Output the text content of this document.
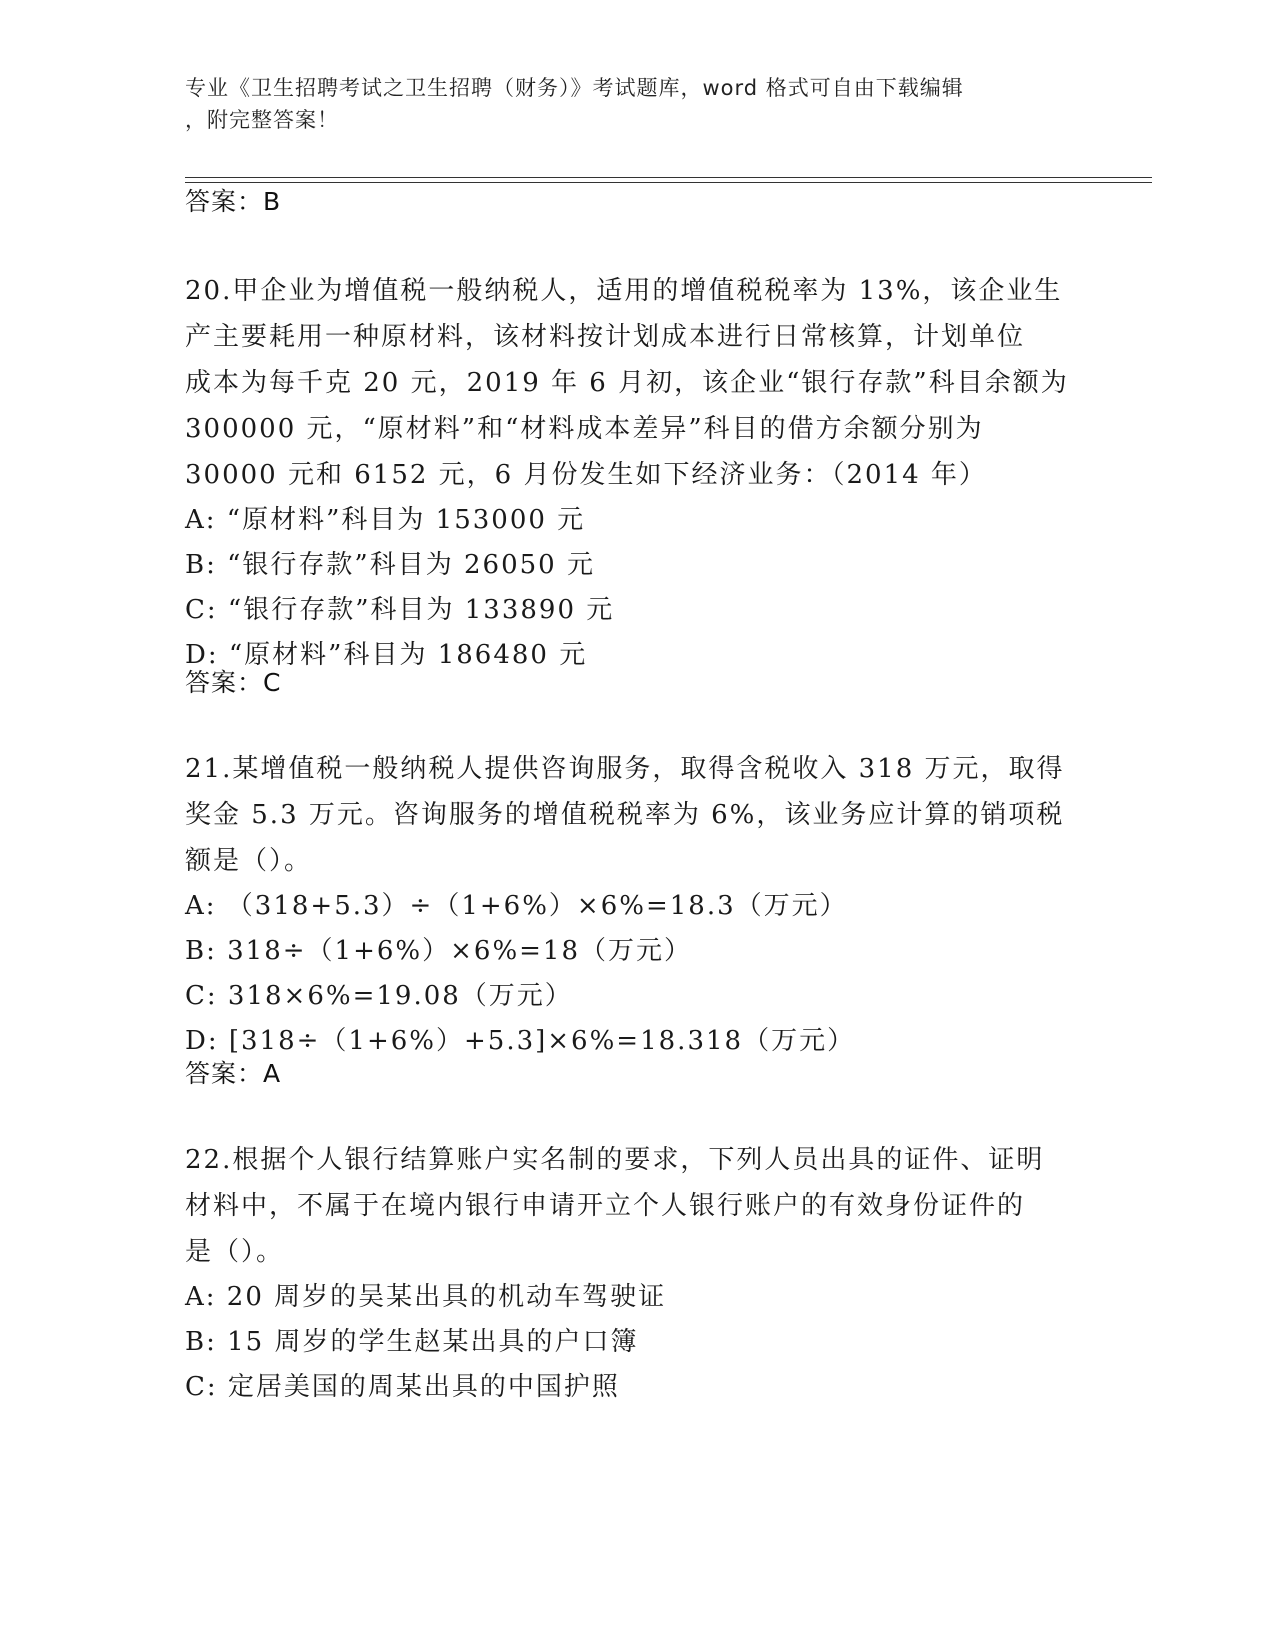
专业《卫生招聘考试之卫生招聘（财务）》考试题库，word 格式可自由下载编辑
，附完整答案！
答案：B
20.甲企业为增值税一般纳税人，适用的增值税税率为 13%，该企业生
产主要耗用一种原材料，该材料按计划成本进行日常核算，计划单位
成本为每千克 20 元，2019 年 6 月初，该企业“银行存款”科目余额为
300000 元，“原材料”和“材料成本差异”科目的借方余额分别为
30000 元和 6152 元，6 月份发生如下经济业务：（2014 年）
A: “原材料”科目为 153000 元
B: “银行存款”科目为 26050 元
C: “银行存款”科目为 133890 元
D: “原材料”科目为 186480 元
答案：C
21.某增值税一般纳税人提供咨询服务，取得含税收入 318 万元，取得
奖金 5.3 万元。咨询服务的增值税税率为 6%，该业务应计算的销项税
额是（）。
A: （318+5.3）÷（1+6%）×6%=18.3（万元）
B: 318÷（1+6%）×6%=18（万元）
C: 318×6%=19.08（万元）
D: [318÷（1+6%）+5.3]×6%=18.318（万元）
答案：A
22.根据个人银行结算账户实名制的要求，下列人员出具的证件、证明
材料中，不属于在境内银行申请开立个人银行账户的有效身份证件的
是（）。
A: 20 周岁的吴某出具的机动车驾驶证
B: 15 周岁的学生赵某出具的户口簿
C: 定居美国的周某出具的中国护照
